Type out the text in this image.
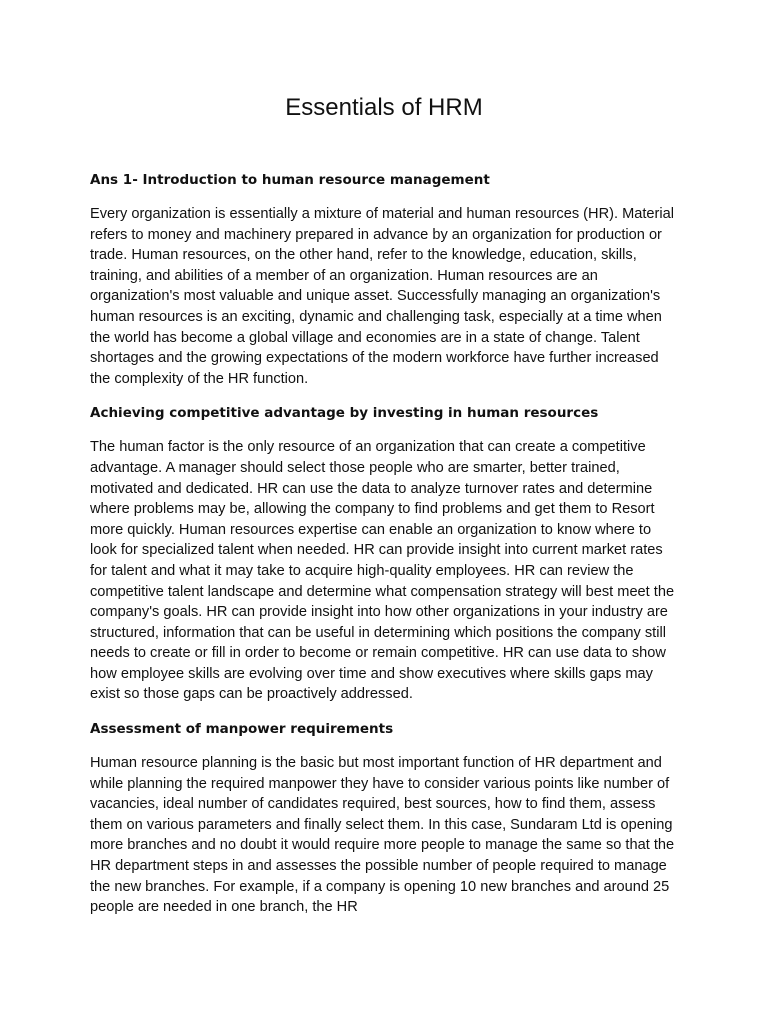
Essentials of HRM
Ans 1- Introduction to human resource management

Every organization is essentially a mixture of material and human resources (HR). Material refers to money and machinery prepared in advance by an organization for production or trade. Human resources, on the other hand, refer to the knowledge, education, skills, training, and abilities of a member of an organization. Human resources are an organization's most valuable and unique asset. Successfully managing an organization's human resources is an exciting, dynamic and challenging task, especially at a time when the world has become a global village and economies are in a state of change. Talent shortages and the growing expectations of the modern workforce have further increased the complexity of the HR function.

Achieving competitive advantage by investing in human resources

The human factor is the only resource of an organization that can create a competitive advantage. A manager should select those people who are smarter, better trained, motivated and dedicated. HR can use the data to analyze turnover rates and determine where problems may be, allowing the company to find problems and get them to Resort more quickly. Human resources expertise can enable an organization to know where to look for specialized talent when needed. HR can provide insight into current market rates for talent and what it may take to acquire high-quality employees. HR can review the competitive talent landscape and determine what compensation strategy will best meet the company's goals. HR can provide insight into how other organizations in your industry are structured, information that can be useful in determining which positions the company still needs to create or fill in order to become or remain competitive. HR can use data to show how employee skills are evolving over time and show executives where skills gaps may exist so those gaps can be proactively addressed.

Assessment of manpower requirements

Human resource planning is the basic but most important function of HR department and while planning the required manpower they have to consider various points like number of vacancies, ideal number of candidates required, best sources, how to find them, assess them on various parameters and finally select them. In this case, Sundaram Ltd is opening more branches and no doubt it would require more people to manage the same so that the HR department steps in and assesses the possible number of people required to manage the new branches. For example, if a company is opening 10 new branches and around 25 people are needed in one branch, the HR
